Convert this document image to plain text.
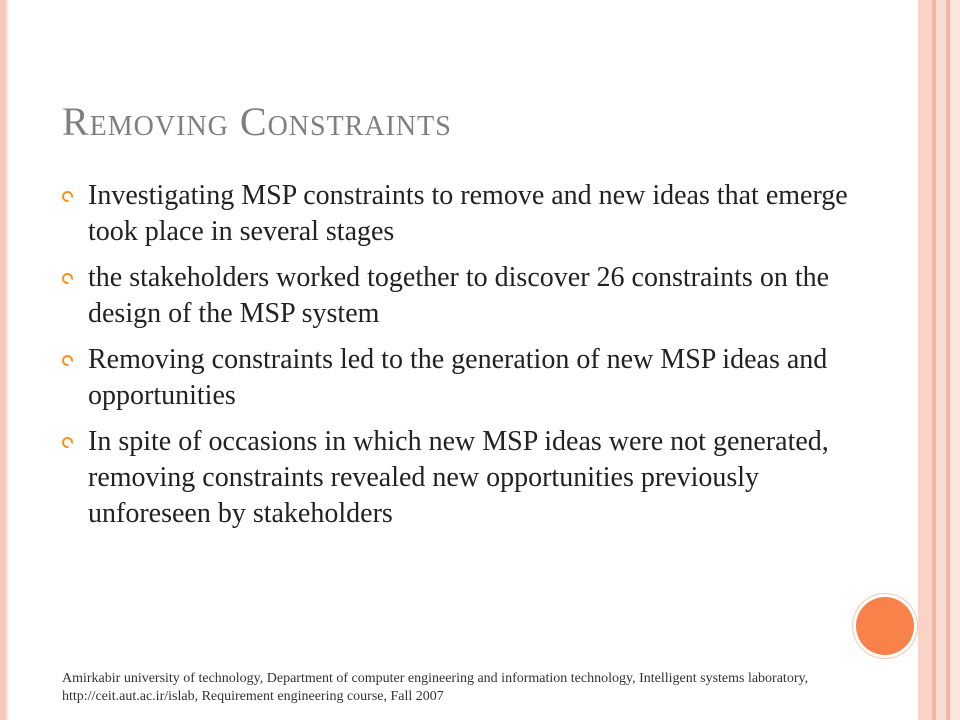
Removing Constraints
Investigating MSP constraints to remove and new ideas that emerge took place in several stages
the stakeholders worked together to discover 26 constraints on the design of the MSP system
Removing constraints led to the generation of new MSP ideas and opportunities
In spite of occasions in which new MSP ideas were not generated, removing constraints revealed new opportunities previously unforeseen by stakeholders
Amirkabir university of technology, Department of computer engineering and information technology, Intelligent systems laboratory, http://ceit.aut.ac.ir/islab, Requirement engineering course, Fall 2007
